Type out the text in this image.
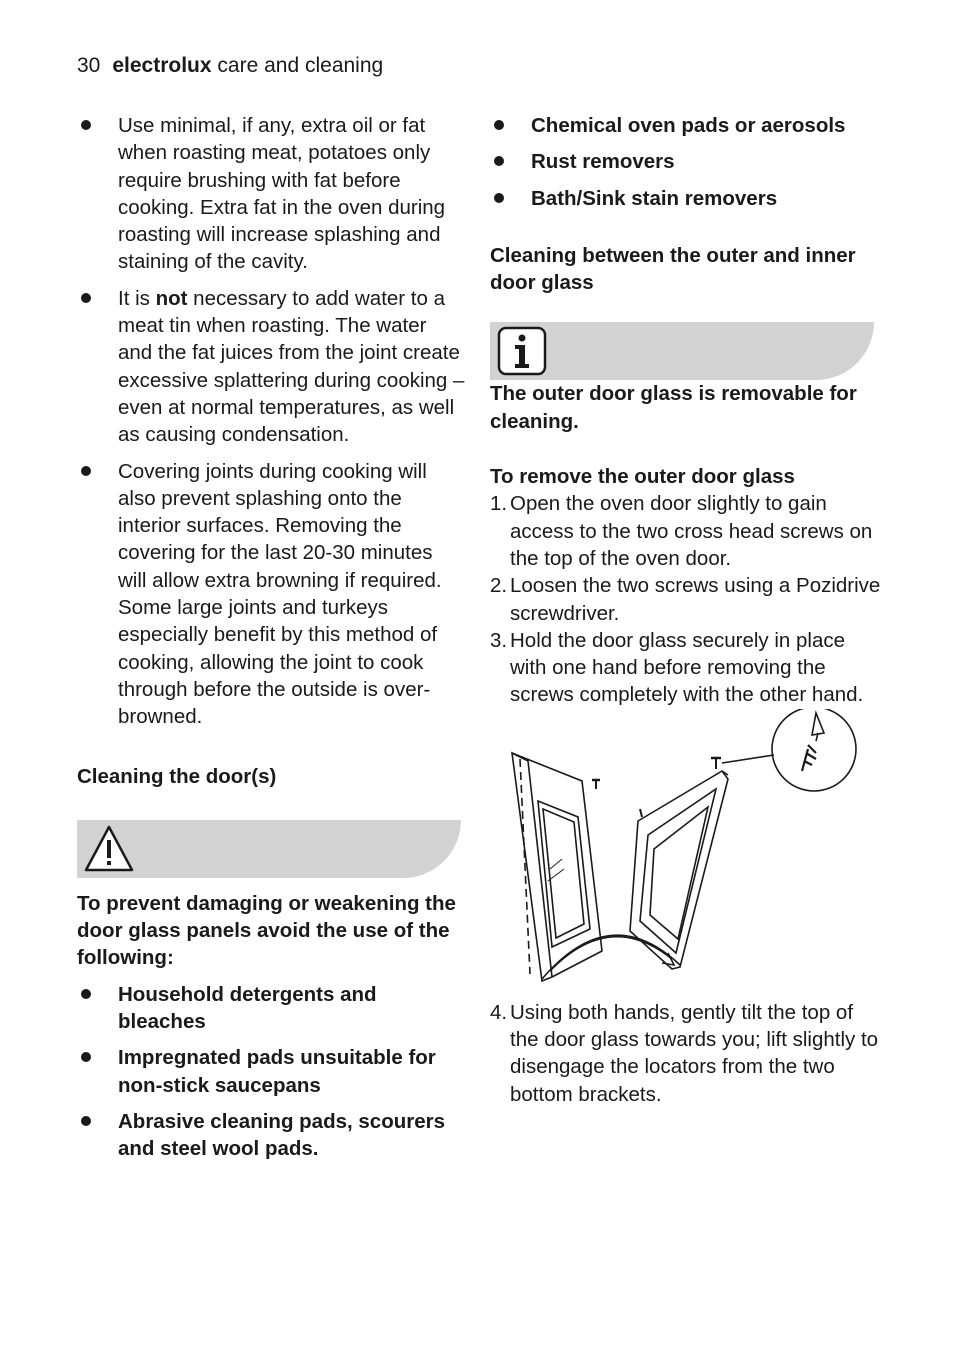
30 electrolux care and cleaning
Use minimal, if any, extra oil or fat when roasting meat, potatoes only require brushing with fat before cooking. Extra fat in the oven during roasting will increase splashing and staining of the cavity.
It is not necessary to add water to a meat tin when roasting. The water and the fat juices from the joint create excessive splattering during cooking – even at normal temperatures, as well as causing condensation.
Covering joints during cooking will also prevent splashing onto the interior surfaces. Removing the covering for the last 20-30 minutes will allow extra browning if required. Some large joints and turkeys especially benefit by this method of cooking, allowing the joint to cook through before the outside is over-browned.

Cleaning the door(s)

To prevent damaging or weakening the door glass panels avoid the use of the following:

Household detergents and bleaches
Impregnated pads unsuitable for non-stick saucepans
Abrasive cleaning pads, scourers and steel wool pads.
Chemical oven pads or aerosols
Rust removers
Bath/Sink stain removers

Cleaning between the outer and inner door glass

The outer door glass is removable for cleaning.

To remove the outer door glass

1. Open the oven door slightly to gain access to the two cross head screws on the top of the oven door.
2. Loosen the two screws using a Pozidrive screwdriver.
3. Hold the door glass securely in place with one hand before removing the screws completely with the other hand.
4. Using both hands, gently tilt the top of the door glass towards you; lift slightly to disengage the locators from the two bottom brackets.
